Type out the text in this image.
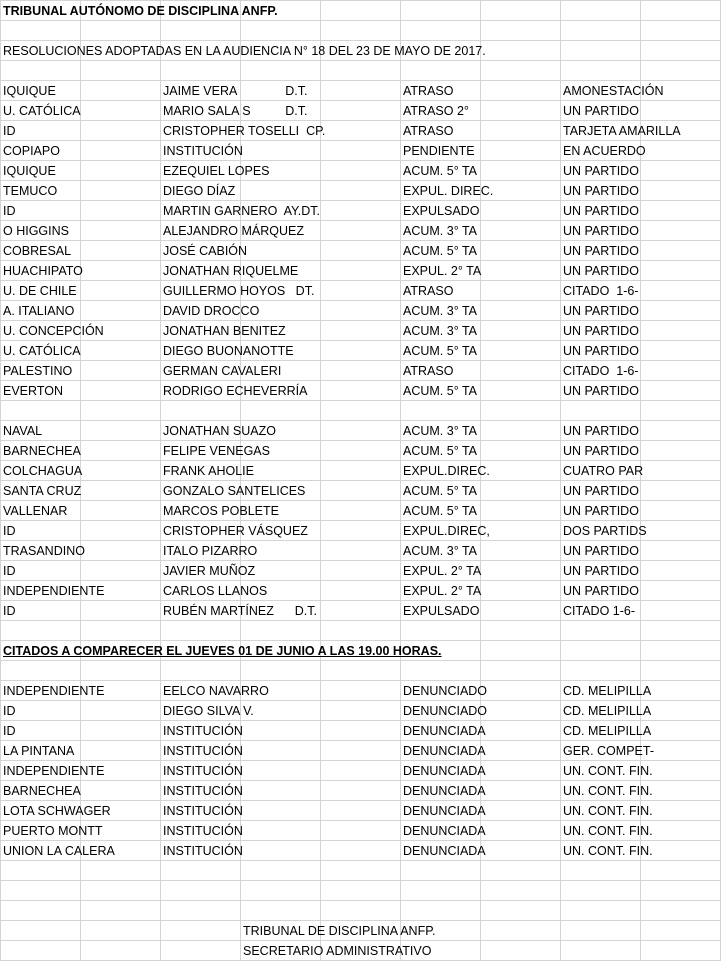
TRIBUNAL AUTÓNOMO DE DISCIPLINA ANFP.
RESOLUCIONES ADOPTADAS EN LA AUDIENCIA N° 18 DEL 23 DE MAYO DE 2017.
IQUIQUE	JAIME VERA              D.T.	ATRASO	AMONESTACIÓN
U. CATÓLICA	MARIO SALA S          D.T.	ATRASO 2°	UN PARTIDO
ID	CRISTOPHER TOSELLI  CP.	ATRASO	TARJETA AMARILLA
COPIAPO	INSTITUCIÓN	PENDIENTE	EN ACUERDO
IQUIQUE	EZEQUIEL LOPES	ACUM. 5° TA	UN PARTIDO
TEMUCO	DIEGO DÍAZ	EXPUL. DIREC.	UN PARTIDO
ID	MARTIN GARNERO  AY.DT.	EXPULSADO	UN PARTIDO
O HIGGINS	ALEJANDRO MÁRQUEZ	ACUM. 3° TA	UN PARTIDO
COBRESAL	JOSÉ CABIÓN	ACUM. 5° TA	UN PARTIDO
HUACHIPATO	JONATHAN RIQUELME	EXPUL. 2° TA	UN PARTIDO
U. DE CHILE	GUILLERMO HOYOS   DT.	ATRASO	CITADO  1-6-
A. ITALIANO	DAVID DROCCO	ACUM. 3° TA	UN PARTIDO
U. CONCEPCIÓN	JONATHAN BENITEZ	ACUM. 3° TA	UN PARTIDO
U. CATÓLICA	DIEGO BUONANOTTE	ACUM. 5° TA	UN PARTIDO
PALESTINO	GERMAN CAVALERI	ATRASO	CITADO  1-6-
EVERTON	RODRIGO ECHEVERRÍA	ACUM. 5° TA	UN PARTIDO
NAVAL	JONATHAN SUAZO	ACUM. 3° TA	UN PARTIDO
BARNECHEA	FELIPE VENEGAS	ACUM. 5° TA	UN PARTIDO
COLCHAGUA	FRANK AHOLIE	EXPUL.DIREC.	CUATRO PAR
SANTA CRUZ	GONZALO SANTELICES	ACUM. 5° TA	UN PARTIDO
VALLENAR	MARCOS POBLETE	ACUM. 5° TA	UN PARTIDO
ID	CRISTOPHER VÁSQUEZ	EXPUL.DIREC,	DOS PARTIDS
TRASANDINO	ITALO PIZARRO	ACUM. 3° TA	UN PARTIDO
ID	JAVIER MUÑOZ	EXPUL. 2° TA	UN PARTIDO
INDEPENDIENTE	CARLOS LLANOS	EXPUL. 2° TA	UN PARTIDO
ID	RUBÉN MARTÍNEZ      D.T.	EXPULSADO	CITADO 1-6-
CITADOS A COMPARECER EL JUEVES 01 DE JUNIO A LAS 19.00 HORAS.
INDEPENDIENTE	EELCO NAVARRO	DENUNCIADO	CD. MELIPILLA
ID	DIEGO SILVA V.	DENUNCIADO	CD. MELIPILLA
ID	INSTITUCIÓN	DENUNCIADA	CD. MELIPILLA
LA PINTANA	INSTITUCIÓN	DENUNCIADA	GER. COMPET-
INDEPENDIENTE	INSTITUCIÓN	DENUNCIADA	UN. CONT. FIN.
BARNECHEA	INSTITUCIÓN	DENUNCIADA	UN. CONT. FIN.
LOTA SCHWAGER	INSTITUCIÓN	DENUNCIADA	UN. CONT. FIN.
PUERTO MONTT	INSTITUCIÓN	DENUNCIADA	UN. CONT. FIN.
UNION LA CALERA	INSTITUCIÓN	DENUNCIADA	UN. CONT. FIN.
TRIBUNAL DE DISCIPLINA ANFP.
SECRETARIO ADMINISTRATIVO
